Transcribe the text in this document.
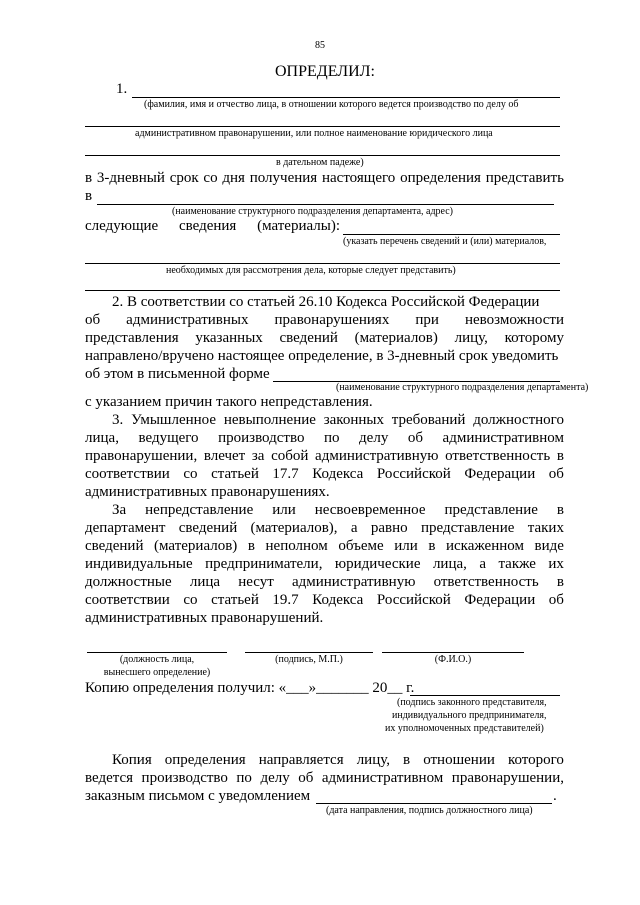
85
ОПРЕДЕЛИЛ:
1.
(фамилия, имя и отчество лица, в отношении которого ведется производство по делу об
административном правонарушении, или полное наименование юридического лица
в дательном падеже)
в 3-дневный срок со дня получения настоящего определения представить
в
(наименование структурного подразделения департамента, адрес)
следующие сведения (материалы):
(указать перечень сведений и (или) материалов,
необходимых для рассмотрения дела, которые следует представить)
2. В соответствии со статьей 26.10 Кодекса Российской Федерации
об административных правонарушениях при невозможности
представления указанных сведений (материалов) лицу, которому
направлено/вручено настоящее определение, в 3-дневный срок уведомить
об этом в письменной форме
(наименование структурного подразделения департамента)
с указанием причин такого непредставления.
3. Умышленное невыполнение законных требований должностного
лица, ведущего производство по делу об административном
правонарушении, влечет за собой административную ответственность в
соответствии со статьей 17.7 Кодекса Российской Федерации об
административных правонарушениях.
За непредставление или несвоевременное представление в
департамент сведений (материалов), а равно представление таких
сведений (материалов) в неполном объеме или в искаженном виде
индивидуальные предприниматели, юридические лица, а также их
должностные лица несут административную ответственность в
соответствии со статьей 19.7 Кодекса Российской Федерации об
административных правонарушений.
(должность лица,
вынесшего определение)
(подпись, М.П.)	(Ф.И.О.)
Копию определения получил: «___»_______ 20__ г.
(подпись законного представителя,
индивидуального предпринимателя,
их уполномоченных представителей)
Копия определения направляется лицу, в отношении которого
ведется производство по делу об административном правонарушении,
заказным письмом с уведомлением	.
(дата направления, подпись должностного лица)
